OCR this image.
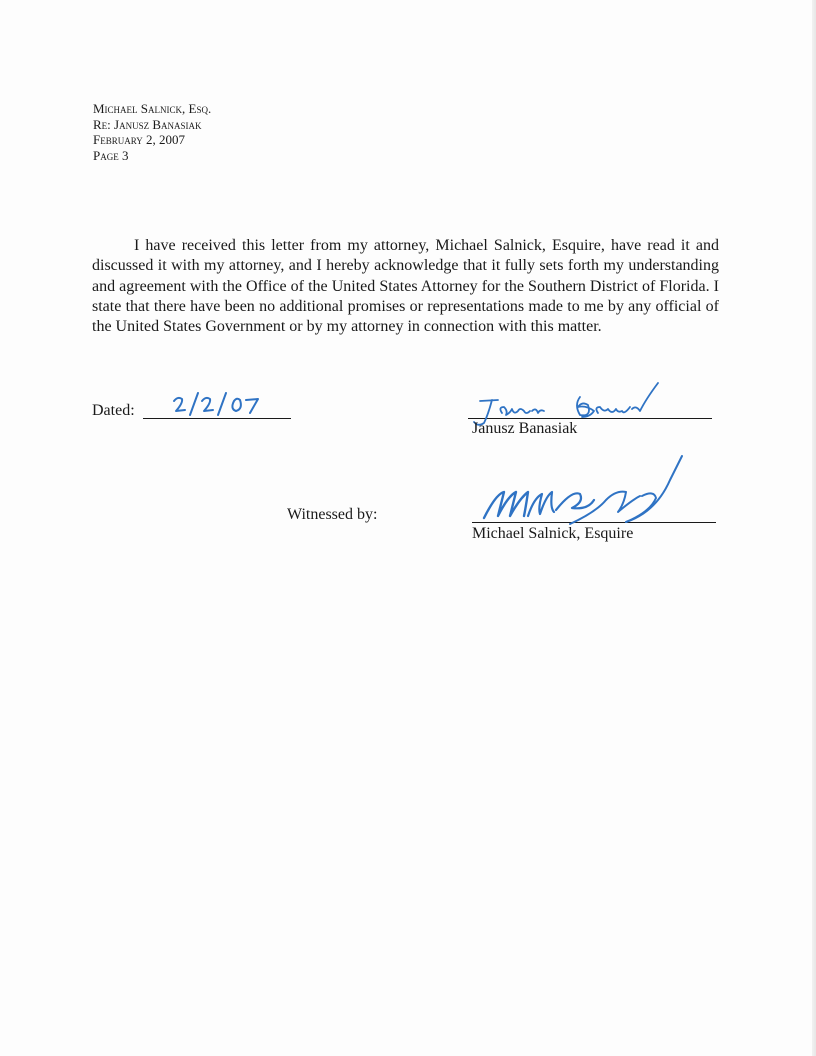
Michael Salnick, Esq.
Re: Janusz Banasiak
February 2, 2007
Page 3
I have received this letter from my attorney, Michael Salnick, Esquire, have read it and discussed it with my attorney, and I hereby acknowledge that it fully sets forth my understanding and agreement with the Office of the United States Attorney for the Southern District of Florida. I state that there have been no additional promises or representations made to me by any official of the United States Government or by my attorney in connection with this matter.
Dated:
Janusz Banasiak
Witnessed by:
Michael Salnick, Esquire
